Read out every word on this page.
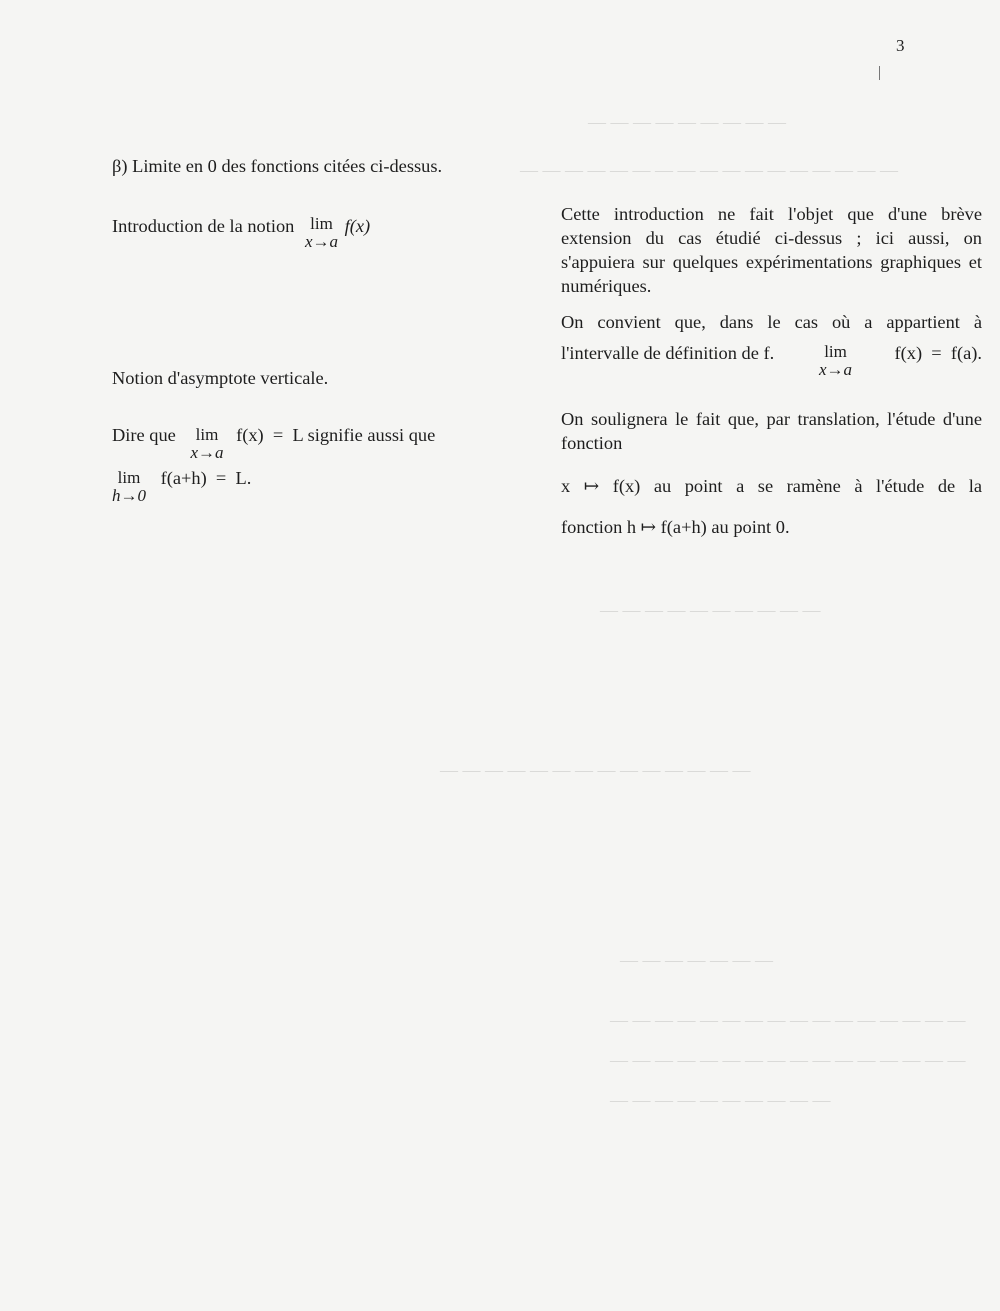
— — — — — — — — —
— — — — — — — — — — — — — — — — —
— — — — — — — — — —
— — — — — — — — — — — — — —
— — — — — — —
— — — — — — — — — — — — — — — —
— — — — — — — — — — — — — — — —
— — — — — — — — — —
3
β) Limite en 0 des fonctions citées ci-dessus.
Introduction de la notion lim
x→a
f(x)
Notion d'asymptote verticale.
Dire que	lim
x→a
f(x)  =  L signifie aussi que
lim
h→0
f(a+h)  =  L.
Cette introduction ne fait l'objet que d'une brève extension du cas étudié ci-dessus ; ici aussi, on s'appuiera sur quelques expérimentations graphiques et numériques.
On convient que, dans le cas où a appartient à
l'intervalle de définition de f.	lim
x→a
f(x)  =  f(a).
On soulignera le fait que, par translation, l'étude d'une fonction
x ↦ f(x) au point a se ramène à l'étude de la
fonction h ↦ f(a+h) au point 0.
